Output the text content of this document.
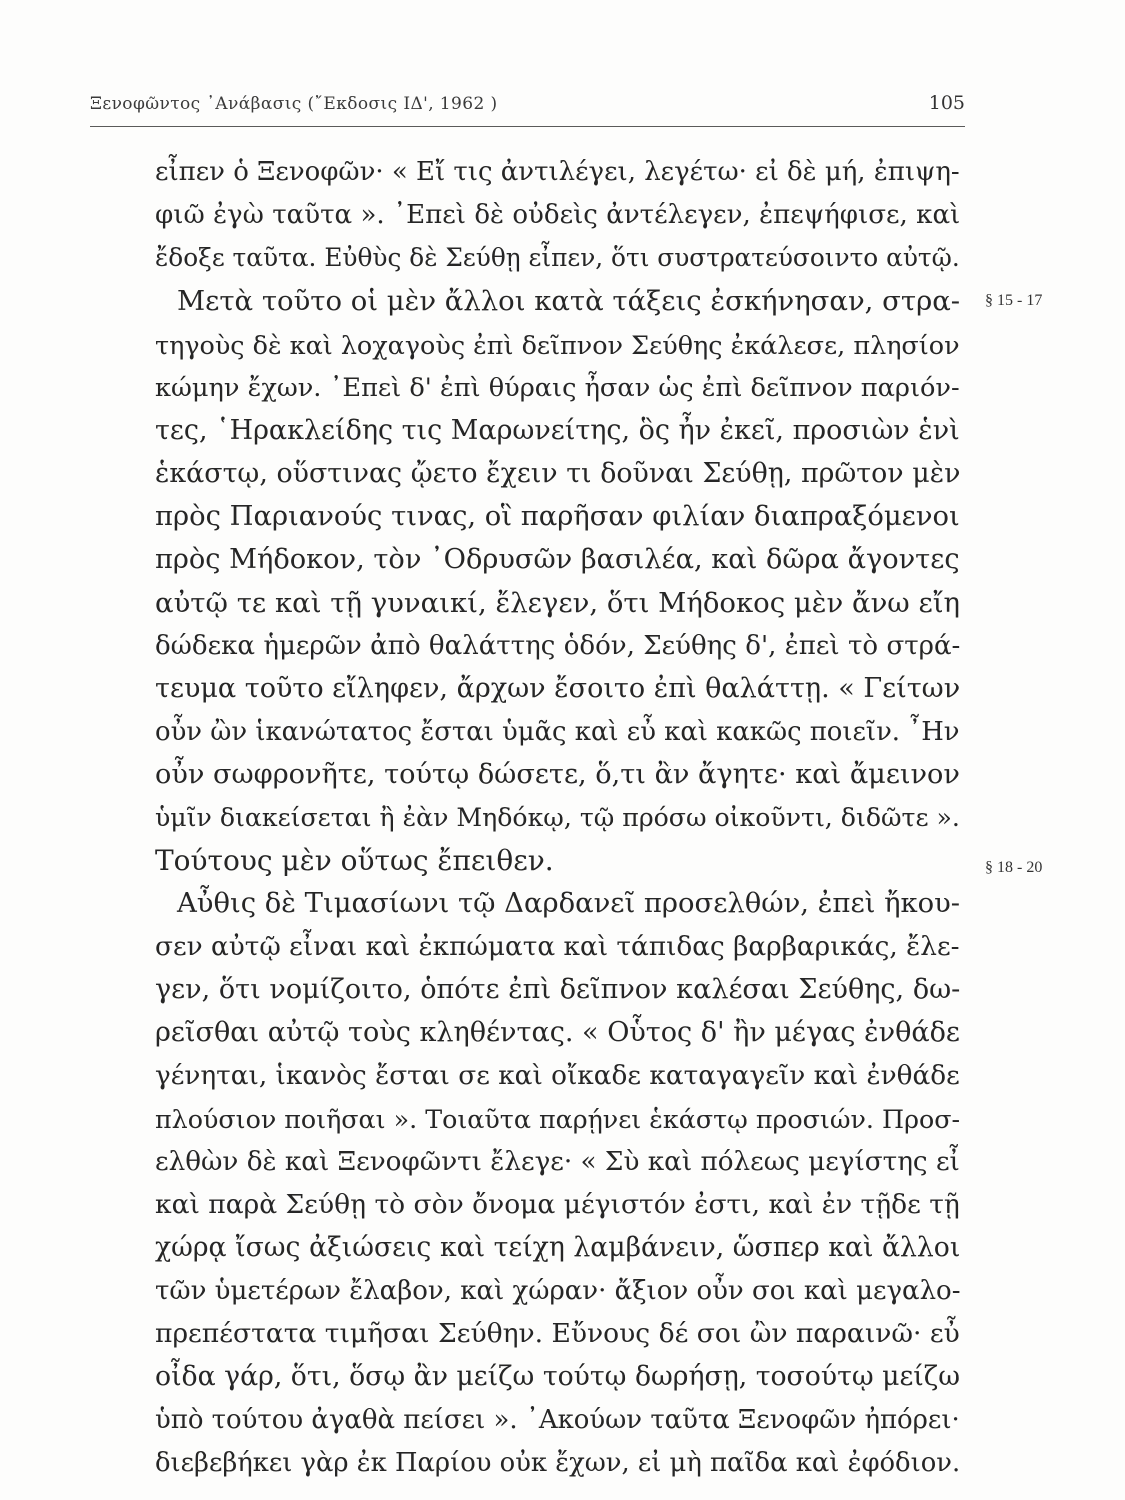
Ξενοφῶντος ᾿Ανάβασις (῎Εκδοσις ΙΔ', 1962 )	105
εἶπεν ὁ Ξενοφῶν· « Εἴ τις ἀντιλέγει, λεγέτω· εἰ δὲ μή, ἐπιψη-
φιῶ ἐγὼ ταῦτα ». ᾿Επεὶ δὲ οὐδεὶς ἀντέλεγεν, ἐπεψήφισε, καὶ
ἔδοξε ταῦτα. Εὐθὺς δὲ Σεύθῃ εἶπεν, ὅτι συστρατεύσοιντο αὐτῷ.
Μετὰ τοῦτο οἱ μὲν ἄλλοι κατὰ τάξεις ἐσκήνησαν, στρα-
τηγοὺς δὲ καὶ λοχαγοὺς ἐπὶ δεῖπνον Σεύθης ἐκάλεσε, πλησίον
κώμην ἔχων. ᾿Επεὶ δ' ἐπὶ θύραις ἦσαν ὡς ἐπὶ δεῖπνον παριόν-
τες, ῾Ηρακλείδης τις Μαρωνείτης, ὃς ἦν ἐκεῖ, προσιὼν ἑνὶ
ἑκάστῳ, οὕστινας ᾤετο ἔχειν τι δοῦναι Σεύθῃ, πρῶτον μὲν
πρὸς Παριανούς τινας, οἳ παρῆσαν φιλίαν διαπραξόμενοι
πρὸς Μήδοκον, τὸν ᾿Οδρυσῶν βασιλέα, καὶ δῶρα ἄγοντες
αὐτῷ τε καὶ τῇ γυναικί, ἔλεγεν, ὅτι Μήδοκος μὲν ἄνω εἴη
δώδεκα ἡμερῶν ἀπὸ θαλάττης ὁδόν, Σεύθης δ', ἐπεὶ τὸ στρά-
τευμα τοῦτο εἴληφεν, ἄρχων ἔσοιτο ἐπὶ θαλάττῃ. « Γείτων
οὖν ὢν ἱκανώτατος ἔσται ὑμᾶς καὶ εὖ καὶ κακῶς ποιεῖν. ῏Ην
οὖν σωφρονῆτε, τούτῳ δώσετε, ὅ,τι ἂν ἄγητε· καὶ ἄμεινον
ὑμῖν διακείσεται ἢ ἐὰν Μηδόκῳ, τῷ πρόσω οἰκοῦντι, διδῶτε ».
Τούτους μὲν οὕτως ἔπειθεν.
Αὖθις δὲ Τιμασίωνι τῷ Δαρδανεῖ προσελθών, ἐπεὶ ἤκου-
σεν αὐτῷ εἶναι καὶ ἐκπώματα καὶ τάπιδας βαρβαρικάς, ἔλε-
γεν, ὅτι νομίζοιτο, ὁπότε ἐπὶ δεῖπνον καλέσαι Σεύθης, δω-
ρεῖσθαι αὐτῷ τοὺς κληθέντας. « Οὗτος δ' ἢν μέγας ἐνθάδε
γένηται, ἱκανὸς ἔσται σε καὶ οἴκαδε καταγαγεῖν καὶ ἐνθάδε
πλούσιον ποιῆσαι ». Τοιαῦτα παρῄνει ἑκάστῳ προσιών. Προσ-
ελθὼν δὲ καὶ Ξενοφῶντι ἔλεγε· « Σὺ καὶ πόλεως μεγίστης εἶ
καὶ παρὰ Σεύθῃ τὸ σὸν ὄνομα μέγιστόν ἐστι, καὶ ἐν τῇδε τῇ
χώρᾳ ἴσως ἀξιώσεις καὶ τείχη λαμβάνειν, ὥσπερ καὶ ἄλλοι
τῶν ὑμετέρων ἔλαβον, καὶ χώραν· ἄξιον οὖν σοι καὶ μεγαλο-
πρεπέστατα τιμῆσαι Σεύθην. Εὔνους δέ σοι ὢν παραινῶ· εὖ
οἶδα γάρ, ὅτι, ὅσῳ ἂν μείζω τούτῳ δωρήσῃ, τοσούτῳ μείζω
ὑπὸ τούτου ἀγαθὰ πείσει ». ᾿Ακούων ταῦτα Ξενοφῶν ἠπόρει·
διεβεβήκει γὰρ ἐκ Παρίου οὐκ ἔχων, εἰ μὴ παῖδα καὶ ἐφόδιον.
§ 15 - 17
§ 18 - 20
